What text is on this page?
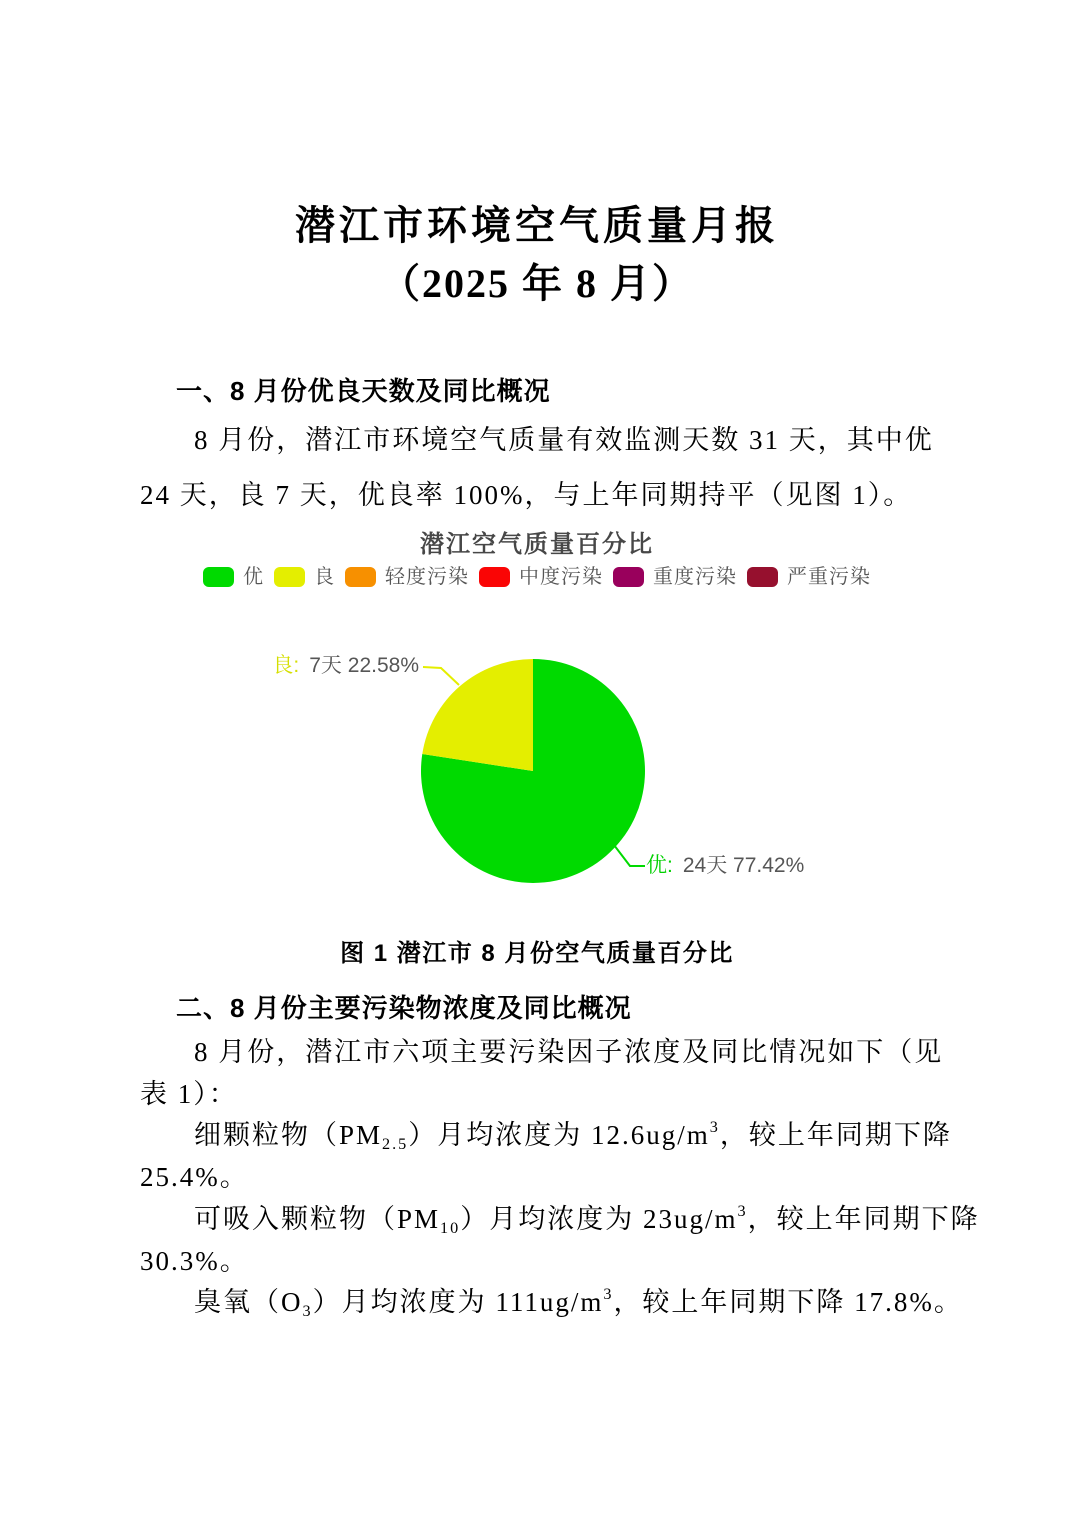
潜江市环境空气质量月报
（2025 年 8 月）
一、8 月份优良天数及同比概况
8 月份，潜江市环境空气质量有效监测天数 31 天，其中优
24 天，良 7 天，优良率 100%，与上年同期持平（见图 1）。
潜江空气质量百分比
优	良	轻度污染	中度污染	重度污染	严重污染
良: 7天 22.58%
优: 24天 77.42%
图 1 潜江市 8 月份空气质量百分比
二、8 月份主要污染物浓度及同比概况
8 月份，潜江市六项主要污染因子浓度及同比情况如下（见
表 1）：
细颗粒物$(PM_{2.5})$月均浓度为 $12.6ug/m^3$，较上年同期下降
25.4%。
可吸入颗粒物$(PM_{10})$月均浓度为 $23ug/m^3$，较上年同期下降
30.3%。
臭氧$(O_3)$月均浓度为 $111ug/m^3$，较上年同期下降 17.8%。
